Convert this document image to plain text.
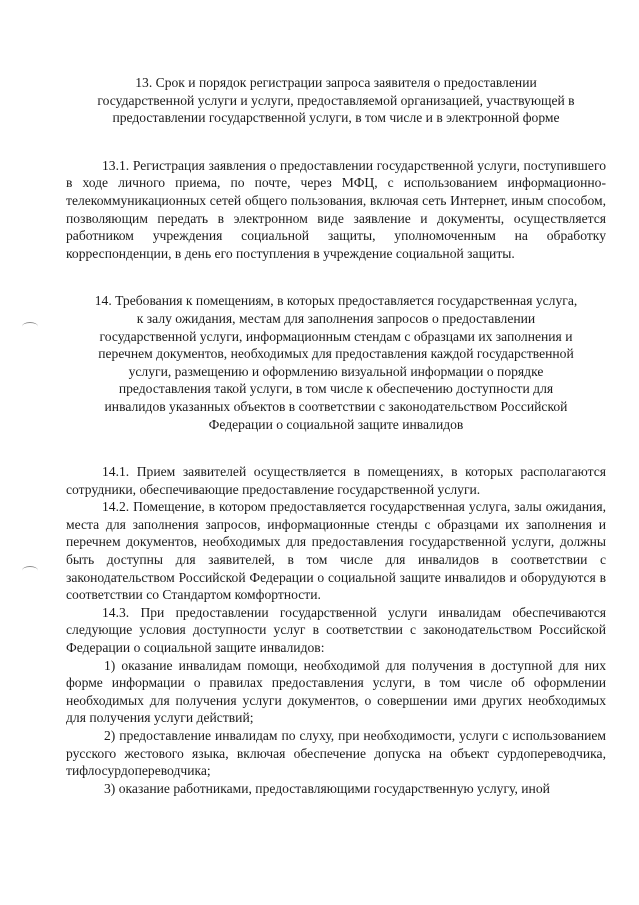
13. Срок и порядок регистрации запроса заявителя о предоставлении
государственной услуги и услуги, предоставляемой организацией, участвующей в
предоставлении государственной услуги, в том числе и в электронной форме

13.1. Регистрация заявления о предоставлении государственной услуги, поступившего в ходе личного приема, по почте, через МФЦ, с использованием информационно-телекоммуникационных сетей общего пользования, включая сеть Интернет, иным способом, позволяющим передать в электронном виде заявление и документы, осуществляется работником учреждения социальной защиты, уполномоченным на обработку корреспонденции, в день его поступления в учреждение социальной защиты.

14. Требования к помещениям, в которых предоставляется государственная услуга,
к залу ожидания, местам для заполнения запросов о предоставлении
государственной услуги, информационным стендам с образцами их заполнения и
перечнем документов, необходимых для предоставления каждой государственной
услуги, размещению и оформлению визуальной информации о порядке
предоставления такой услуги, в том числе к обеспечению доступности для
инвалидов указанных объектов в соответствии с законодательством Российской
Федерации о социальной защите инвалидов

14.1. Прием заявителей осуществляется в помещениях, в которых располагаются сотрудники, обеспечивающие предоставление государственной услуги.

14.2. Помещение, в котором предоставляется государственная услуга, залы ожидания, места для заполнения запросов, информационные стенды с образцами их заполнения и перечнем документов, необходимых для предоставления государственной услуги, должны быть доступны для заявителей, в том числе для инвалидов в соответствии с законодательством Российской Федерации о социальной защите инвалидов и оборудуются в соответствии со Стандартом комфортности.

14.3. При предоставлении государственной услуги инвалидам обеспечиваются следующие условия доступности услуг в соответствии с законодательством Российской Федерации о социальной защите инвалидов:

1) оказание инвалидам помощи, необходимой для получения в доступной для них форме информации о правилах предоставления услуги, в том числе об оформлении необходимых для получения услуги документов, о совершении ими других необходимых для получения услуги действий;

2) предоставление инвалидам по слуху, при необходимости, услуги с использованием русского жестового языка, включая обеспечение допуска на объект сурдопереводчика, тифлосурдопереводчика;

3) оказание работниками, предоставляющими государственную услугу, иной
